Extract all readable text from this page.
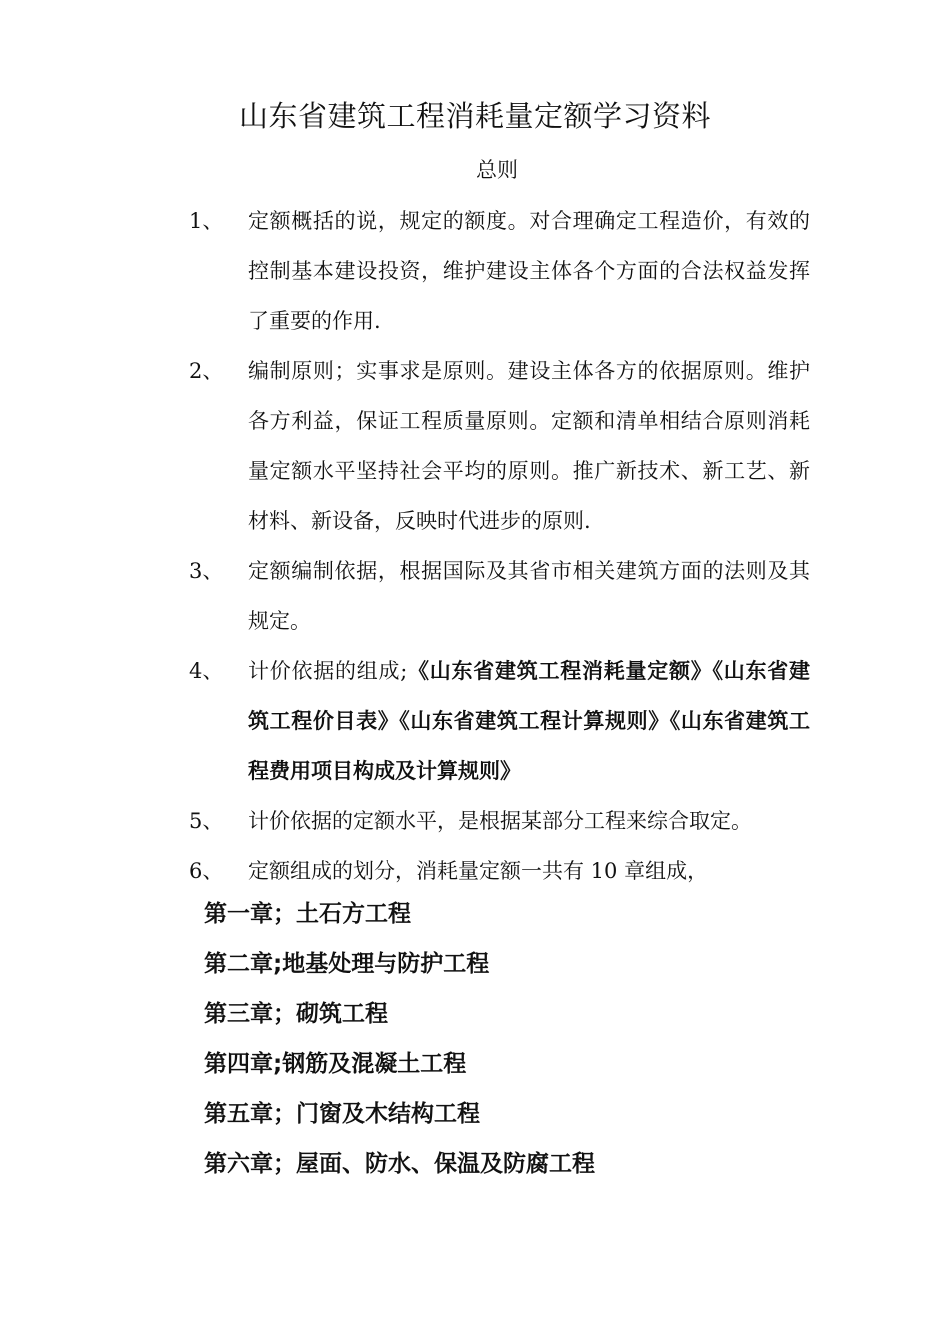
山东省建筑工程消耗量定额学习资料
总则
1、 定额概括的说，规定的额度。对合理确定工程造价，有效的控制基本建设投资，维护建设主体各个方面的合法权益发挥了重要的作用.
2、 编制原则；实事求是原则。建设主体各方的依据原则。维护各方利益，保证工程质量原则。定额和清单相结合原则消耗量定额水平坚持社会平均的原则。推广新技术、新工艺、新材料、新设备，反映时代进步的原则.
3、 定额编制依据，根据国际及其省市相关建筑方面的法则及其规定。
4、 计价依据的组成;《山东省建筑工程消耗量定额》《山东省建筑工程价目表》《山东省建筑工程计算规则》《山东省建筑工程费用项目构成及计算规则》
5、 计价依据的定额水平，是根据某部分工程来综合取定。
6、 定额组成的划分，消耗量定额一共有 10 章组成，
第一章；土石方工程
第二章;地基处理与防护工程
第三章；砌筑工程
第四章;钢筋及混凝土工程
第五章；门窗及木结构工程
第六章；屋面、防水、保温及防腐工程
